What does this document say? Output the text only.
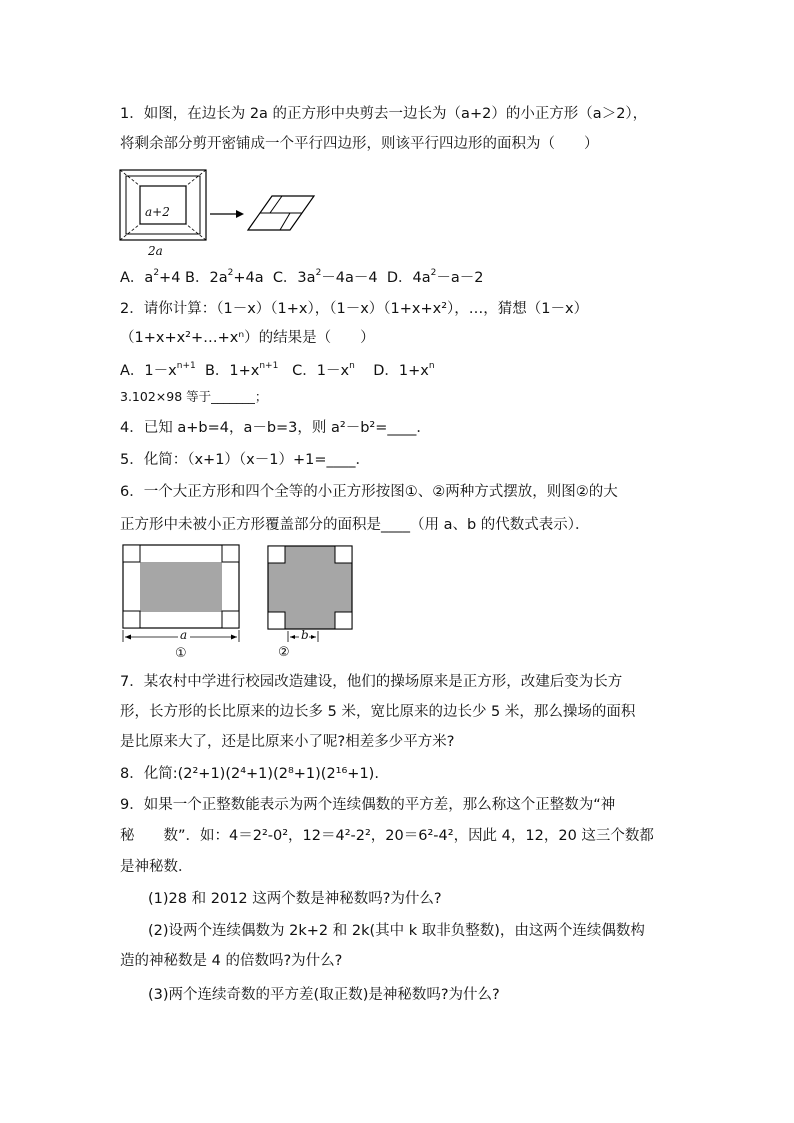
1．如图，在边长为 2a 的正方形中央剪去一边长为（a+2）的小正方形（a＞2），
将剩余部分剪开密铺成一个平行四边形，则该平行四边形的面积为（　　）
a+2
2a
A．$a^2+4$ B．$2a^2+4a$ C．$3a^2-4a-4$ D．$4a^2-a-2$
2．请你计算：（1－x）（1+x），（1－x）（1+x+x²），…，猜想（1－x）
（1+x+x²+…+xⁿ）的结果是（　　）
A．$1-x^{n+1}$ B．$1+x^{n+1}$ C．$1-x^n$ D．$1+x^n$
3.102×98 等于_______；
4．已知 a+b=4，a－b=3，则 a²－b²=____．
5．化简：（x+1）（x－1）+1=____．
6．一个大正方形和四个全等的小正方形按图①、②两种方式摆放，则图②的大
正方形中未被小正方形覆盖部分的面积是____（用 a、b 的代数式表示）．
a	b
①	②
7．某农村中学进行校园改造建设，他们的操场原来是正方形，改建后变为长方
形，长方形的长比原来的边长多 5 米，宽比原来的边长少 5 米，那么操场的面积
是比原来大了，还是比原来小了呢?相差多少平方米?
8．化简:(2²+1)(2⁴+1)(2⁸+1)(2¹⁶+1).
9．如果一个正整数能表示为两个连续偶数的平方差，那么称这个正整数为“神
秘　　数”．如：4＝2²-0²，12＝4²-2²，20＝6²-4²，因此 4，12，20 这三个数都
是神秘数．
(1)28 和 2012 这两个数是神秘数吗?为什么?
(2)设两个连续偶数为 2k+2 和 2k(其中 k 取非负整数)，由这两个连续偶数构
造的神秘数是 4 的倍数吗?为什么?
(3)两个连续奇数的平方差(取正数)是神秘数吗?为什么?
